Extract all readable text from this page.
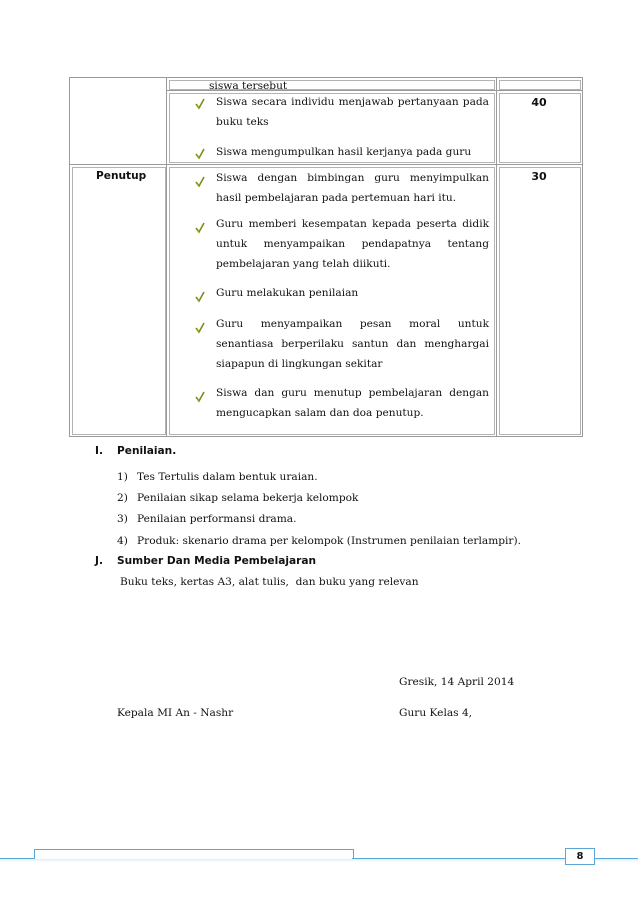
siswa tersebut
Siswa secara individu menjawab pertanyaan pada buku teks
Siswa mengumpulkan hasil kerjanya pada guru
40
Penutup	30
Siswa dengan bimbingan guru menyimpulkan hasil pembelajaran pada pertemuan hari itu.
Guru memberi kesempatan kepada peserta didik untuk menyampaikan pendapatnya tentang pembelajaran yang telah diikuti.
Guru melakukan penilaian
Guru menyampaikan pesan moral untuk senantiasa berperilaku santun dan menghargai siapapun di lingkungan sekitar
Siswa dan guru menutup pembelajaran dengan mengucapkan salam dan doa penutup.
I. Penilaian.
1) Tes Tertulis dalam bentuk uraian.
2) Penilaian sikap selama bekerja kelompok
3) Penilaian performansi drama.
4) Produk: skenario drama per kelompok (Instrumen penilaian terlampir).
J. Sumber Dan Media Pembelajaran
Buku teks, kertas A3, alat tulis,  dan buku yang relevan
Gresik, 14 April 2014
Kepala MI An - Nashr	Guru Kelas 4,
8
